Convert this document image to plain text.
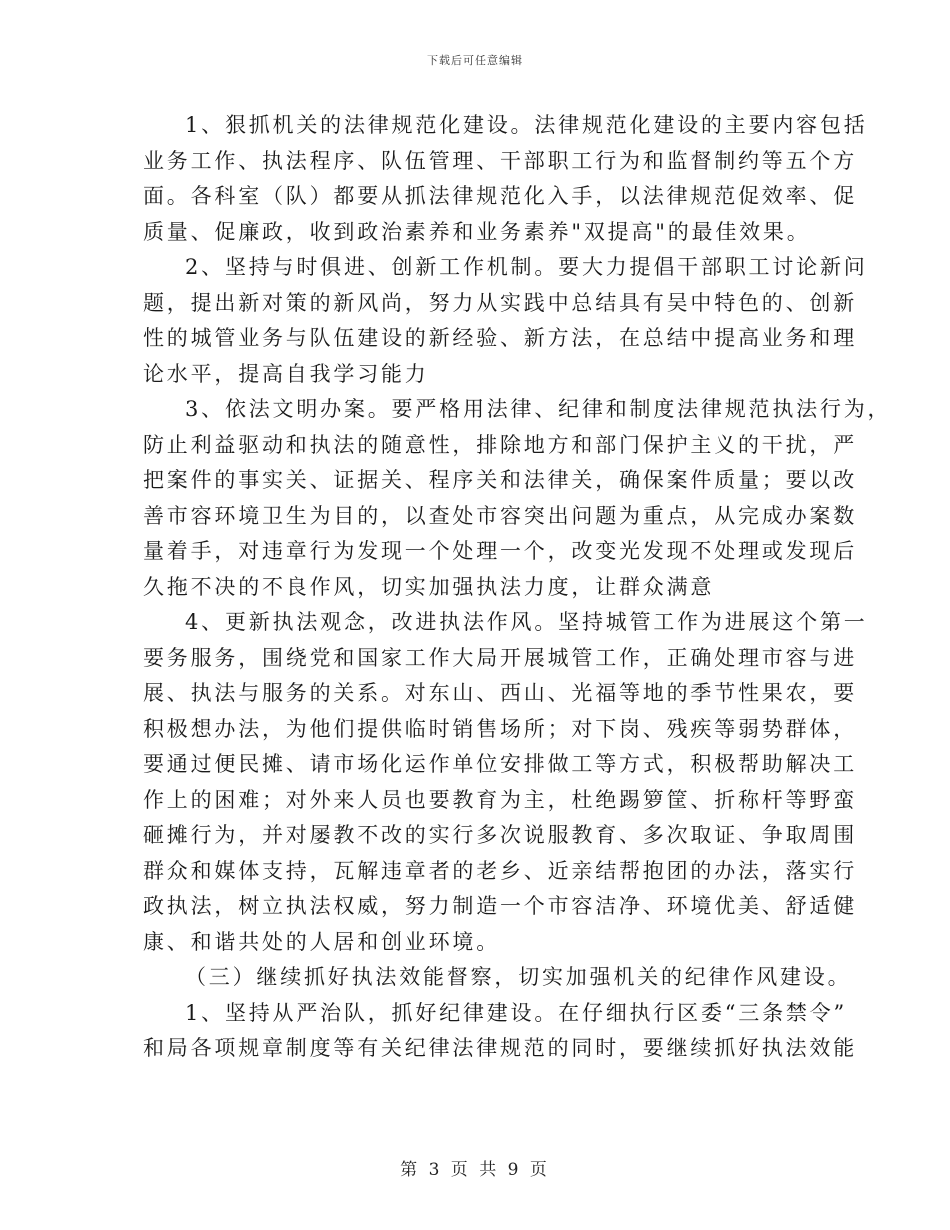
下载后可任意编辑

1、狠抓机关的法律规范化建设。法律规范化建设的主要内容包括
业务工作、执法程序、队伍管理、干部职工行为和监督制约等五个方
面。各科室（队）都要从抓法律规范化入手，以法律规范促效率、促
质量、促廉政，收到政治素养和业务素养"双提高"的最佳效果。

2、坚持与时俱进、创新工作机制。要大力提倡干部职工讨论新问
题，提出新对策的新风尚，努力从实践中总结具有吴中特色的、创新
性的城管业务与队伍建设的新经验、新方法，在总结中提高业务和理
论水平，提高自我学习能力

3、依法文明办案。要严格用法律、纪律和制度法律规范执法行为，
防止利益驱动和执法的随意性，排除地方和部门保护主义的干扰，严
把案件的事实关、证据关、程序关和法律关，确保案件质量；要以改
善市容环境卫生为目的，以查处市容突出问题为重点，从完成办案数
量着手，对违章行为发现一个处理一个，改变光发现不处理或发现后
久拖不决的不良作风，切实加强执法力度，让群众满意

4、更新执法观念，改进执法作风。坚持城管工作为进展这个第一
要务服务，围绕党和国家工作大局开展城管工作，正确处理市容与进
展、执法与服务的关系。对东山、西山、光福等地的季节性果农，要
积极想办法，为他们提供临时销售场所；对下岗、残疾等弱势群体，
要通过便民摊、请市场化运作单位安排做工等方式，积极帮助解决工
作上的困难；对外来人员也要教育为主，杜绝踢箩筐、折称杆等野蛮
砸摊行为，并对屡教不改的实行多次说服教育、多次取证、争取周围
群众和媒体支持，瓦解违章者的老乡、近亲结帮抱团的办法，落实行
政执法，树立执法权威，努力制造一个市容洁净、环境优美、舒适健
康、和谐共处的人居和创业环境。

（三）继续抓好执法效能督察，切实加强机关的纪律作风建设。

1、坚持从严治队，抓好纪律建设。在仔细执行区委“三条禁令”
和局各项规章制度等有关纪律法律规范的同时，要继续抓好执法效能

第 3 页 共 9 页
